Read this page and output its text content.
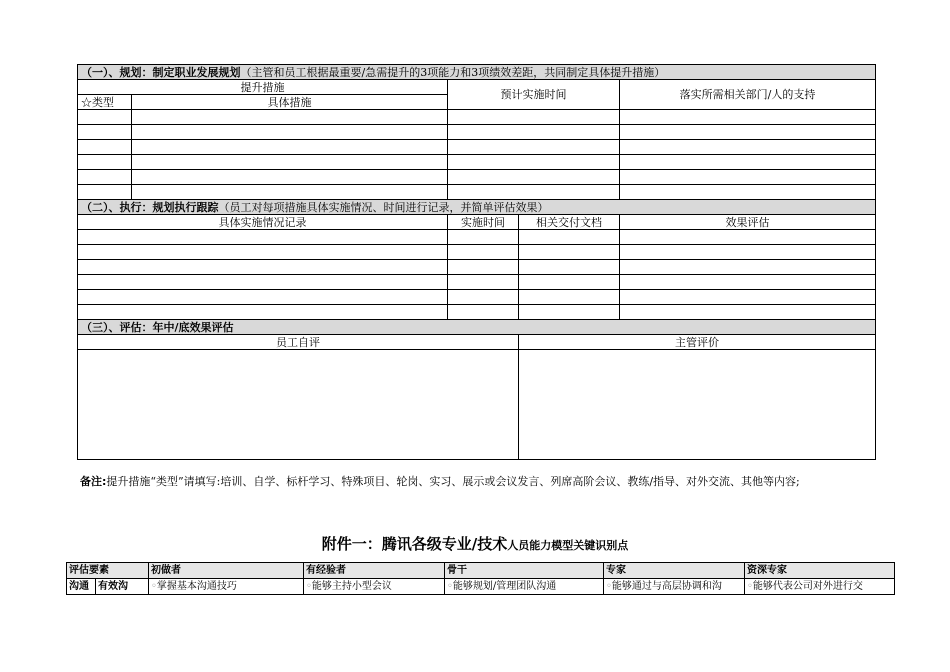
（一）、规划：制定职业发展规划（主管和员工根据最重要/急需提升的3项能力和3项绩效差距，共同制定具体提升措施）				
提升措施		预计实施时间		落实所需相关部门/人的支持
☆类型	具体措施			

（二）、执行：规划执行跟踪（员工对每项措施具体实施情况、时间进行记录，并简单评估效果）				
具体实施情况记录		实施时间	相关交付文档	效果评估

（三）、评估：年中/底效果评估				
员工自评			主管评价	

备注:提升措施“类型”请填写:培训、自学、标杆学习、特殊项目、轮岗、实习、展示或会议发言、列席高阶会议、教练/指导、对外交流、其他等内容;
附件一：腾讯各级专业/技术人员能力模型关键识别点
评估要素		初做者	有经验者	骨干	专家	资深专家
沟通	有效沟	◦掌握基本沟通技巧	◦能够主持小型会议	◦能够规划/管理团队沟通	◦能够通过与高层协调和沟	◦能够代表公司对外进行交
